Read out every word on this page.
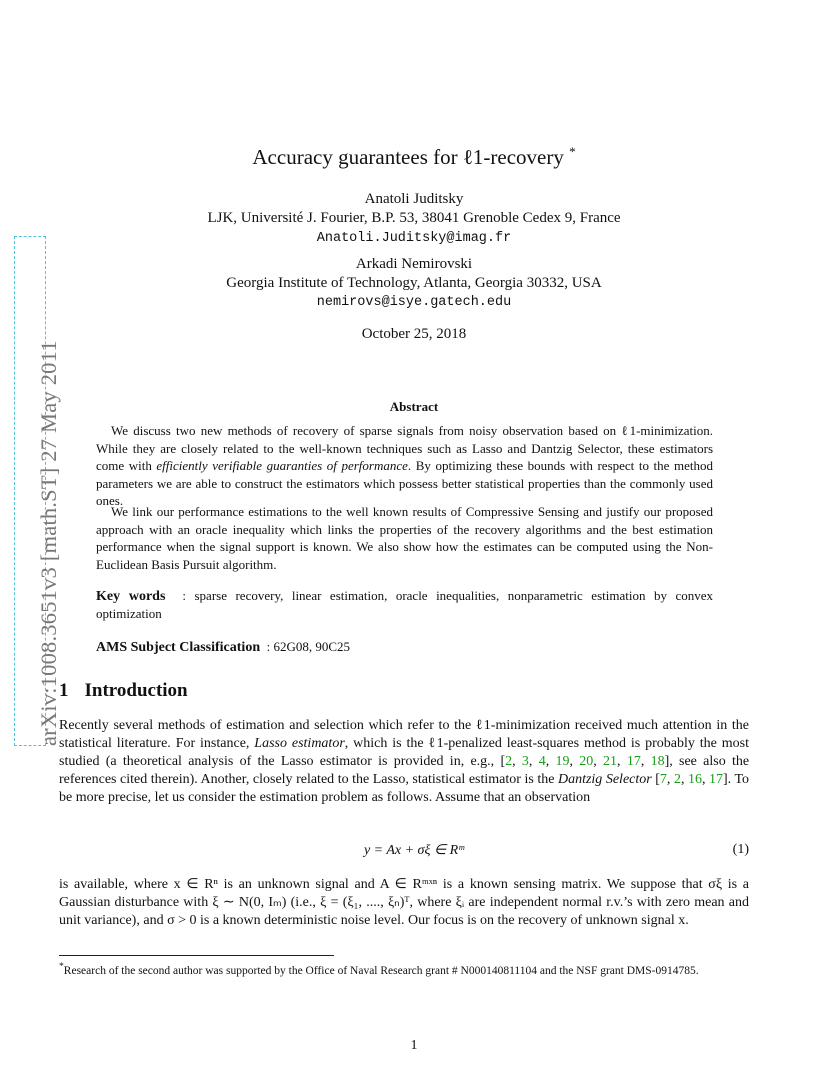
arXiv:1008.3651v3 [math.ST] 27 May 2011
Accuracy guarantees for ℓ1-recovery *
Anatoli Juditsky
LJK, Université J. Fourier, B.P. 53, 38041 Grenoble Cedex 9, France
Anatoli.Juditsky@imag.fr
Arkadi Nemirovski
Georgia Institute of Technology, Atlanta, Georgia 30332, USA
nemirovs@isye.gatech.edu
October 25, 2018
Abstract

We discuss two new methods of recovery of sparse signals from noisy observation based on ℓ1-minimization. While they are closely related to the well-known techniques such as Lasso and Dantzig Selector, these estimators come with efficiently verifiable guaranties of performance. By optimizing these bounds with respect to the method parameters we are able to construct the estimators which possess better statistical properties than the commonly used ones.

We link our performance estimations to the well known results of Compressive Sensing and justify our proposed approach with an oracle inequality which links the properties of the recovery algorithms and the best estimation performance when the signal support is known. We also show how the estimates can be computed using the Non-Euclidean Basis Pursuit algorithm.

Key words : sparse recovery, linear estimation, oracle inequalities, nonparametric estimation by convex optimization
AMS Subject Classification : 62G08, 90C25
1 Introduction

Recently several methods of estimation and selection which refer to the ℓ1-minimization received much attention in the statistical literature. For instance, Lasso estimator, which is the ℓ1-penalized least-squares method is probably the most studied (a theoretical analysis of the Lasso estimator is provided in, e.g., [2, 3, 4, 19, 20, 21, 17, 18], see also the references cited therein). Another, closely related to the Lasso, statistical estimator is the Dantzig Selector [7, 2, 16, 17]. To be more precise, let us consider the estimation problem as follows. Assume that an observation

y = Ax + σξ ∈ Rᵐ	(1)

is available, where x ∈ Rⁿ is an unknown signal and A ∈ Rᵐˣⁿ is a known sensing matrix. We suppose that σξ is a Gaussian disturbance with ξ ∼ N(0, Iₘ) (i.e., ξ = (ξ₁, ...., ξₙ)ᵀ, where ξᵢ are independent normal r.v.’s with zero mean and unit variance), and σ > 0 is a known deterministic noise level. Our focus is on the recovery of unknown signal x.

*Research of the second author was supported by the Office of Naval Research grant # N000140811104 and the NSF grant DMS-0914785.
1
